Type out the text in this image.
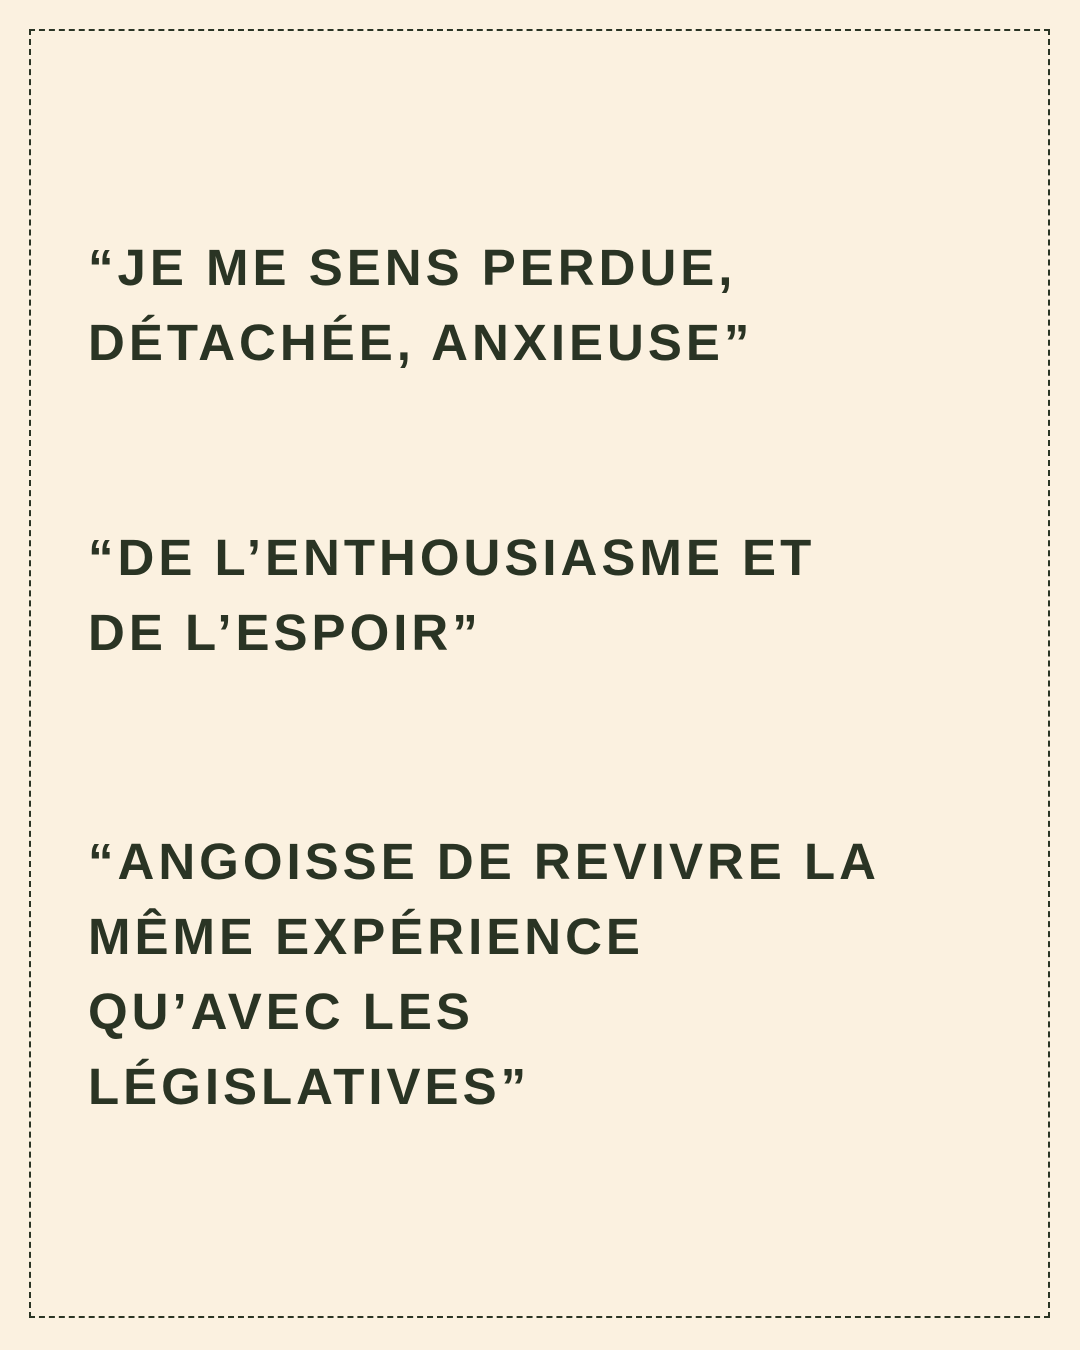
“JE ME SENS PERDUE,
DÉTACHÉE, ANXIEUSE”
“DE L’ENTHOUSIASME ET
DE L’ESPOIR”
“ANGOISSE DE REVIVRE LA
MÊME EXPÉRIENCE
QU’AVEC LES
LÉGISLATIVES”
